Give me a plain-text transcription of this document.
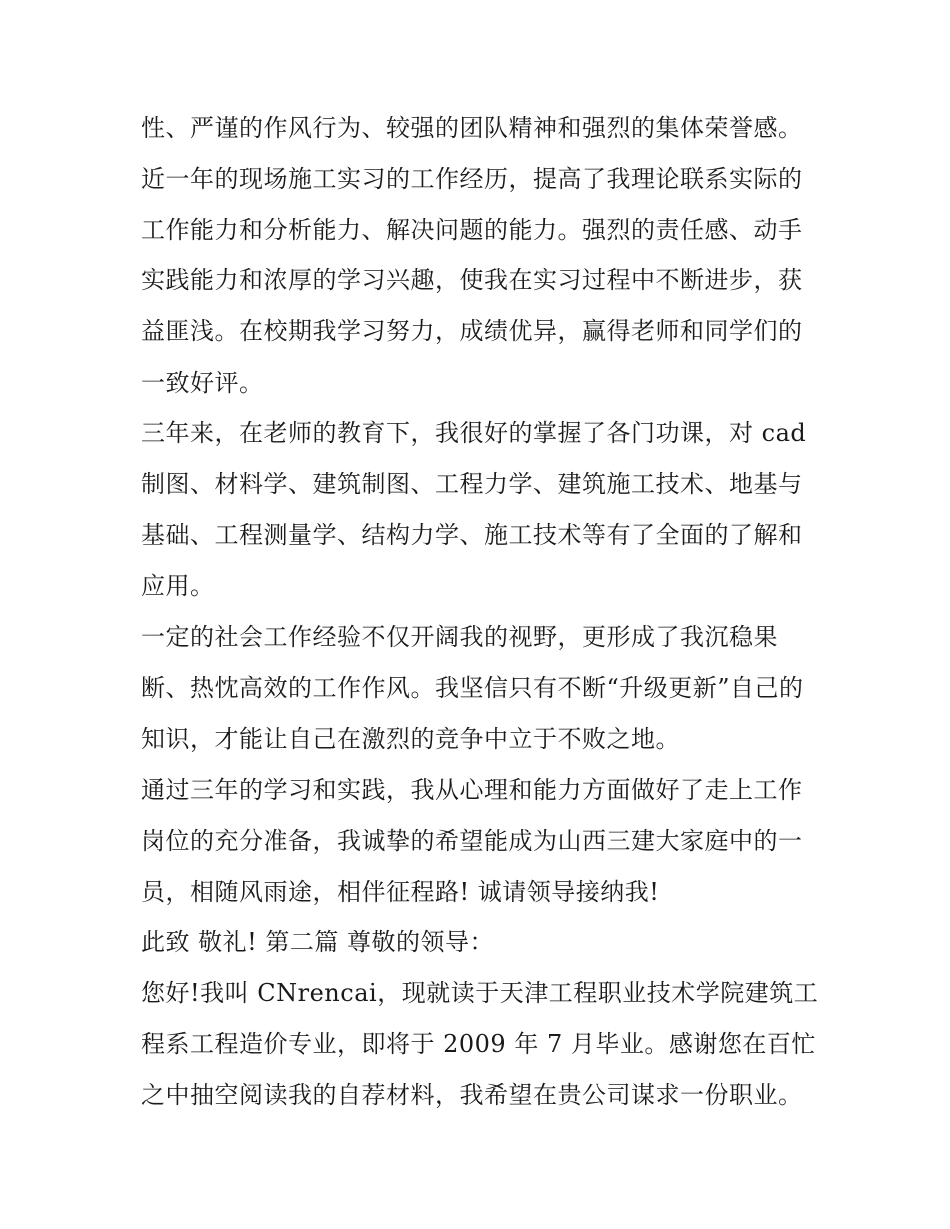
性、严谨的作风行为、较强的团队精神和强烈的集体荣誉感。
近一年的现场施工实习的工作经历，提高了我理论联系实际的
工作能力和分析能力、解决问题的能力。强烈的责任感、动手
实践能力和浓厚的学习兴趣，使我在实习过程中不断进步，获
益匪浅。在校期我学习努力，成绩优异，赢得老师和同学们的
一致好评。
三年来，在老师的教育下，我很好的掌握了各门功课，对 cad
制图、材料学、建筑制图、工程力学、建筑施工技术、地基与
基础、工程测量学、结构力学、施工技术等有了全面的了解和
应用。
一定的社会工作经验不仅开阔我的视野，更形成了我沉稳果
断、热忱高效的工作作风。我坚信只有不断“升级更新”自己的
知识，才能让自己在激烈的竞争中立于不败之地。
通过三年的学习和实践，我从心理和能力方面做好了走上工作
岗位的充分准备，我诚挚的希望能成为山西三建大家庭中的一
员，相随风雨途，相伴征程路! 诚请领导接纳我!
此致 敬礼! 第二篇 尊敬的领导：
您好!我叫 CNrencai，现就读于天津工程职业技术学院建筑工
程系工程造价专业，即将于 2009 年 7 月毕业。感谢您在百忙
之中抽空阅读我的自荐材料，我希望在贵公司谋求一份职业。
